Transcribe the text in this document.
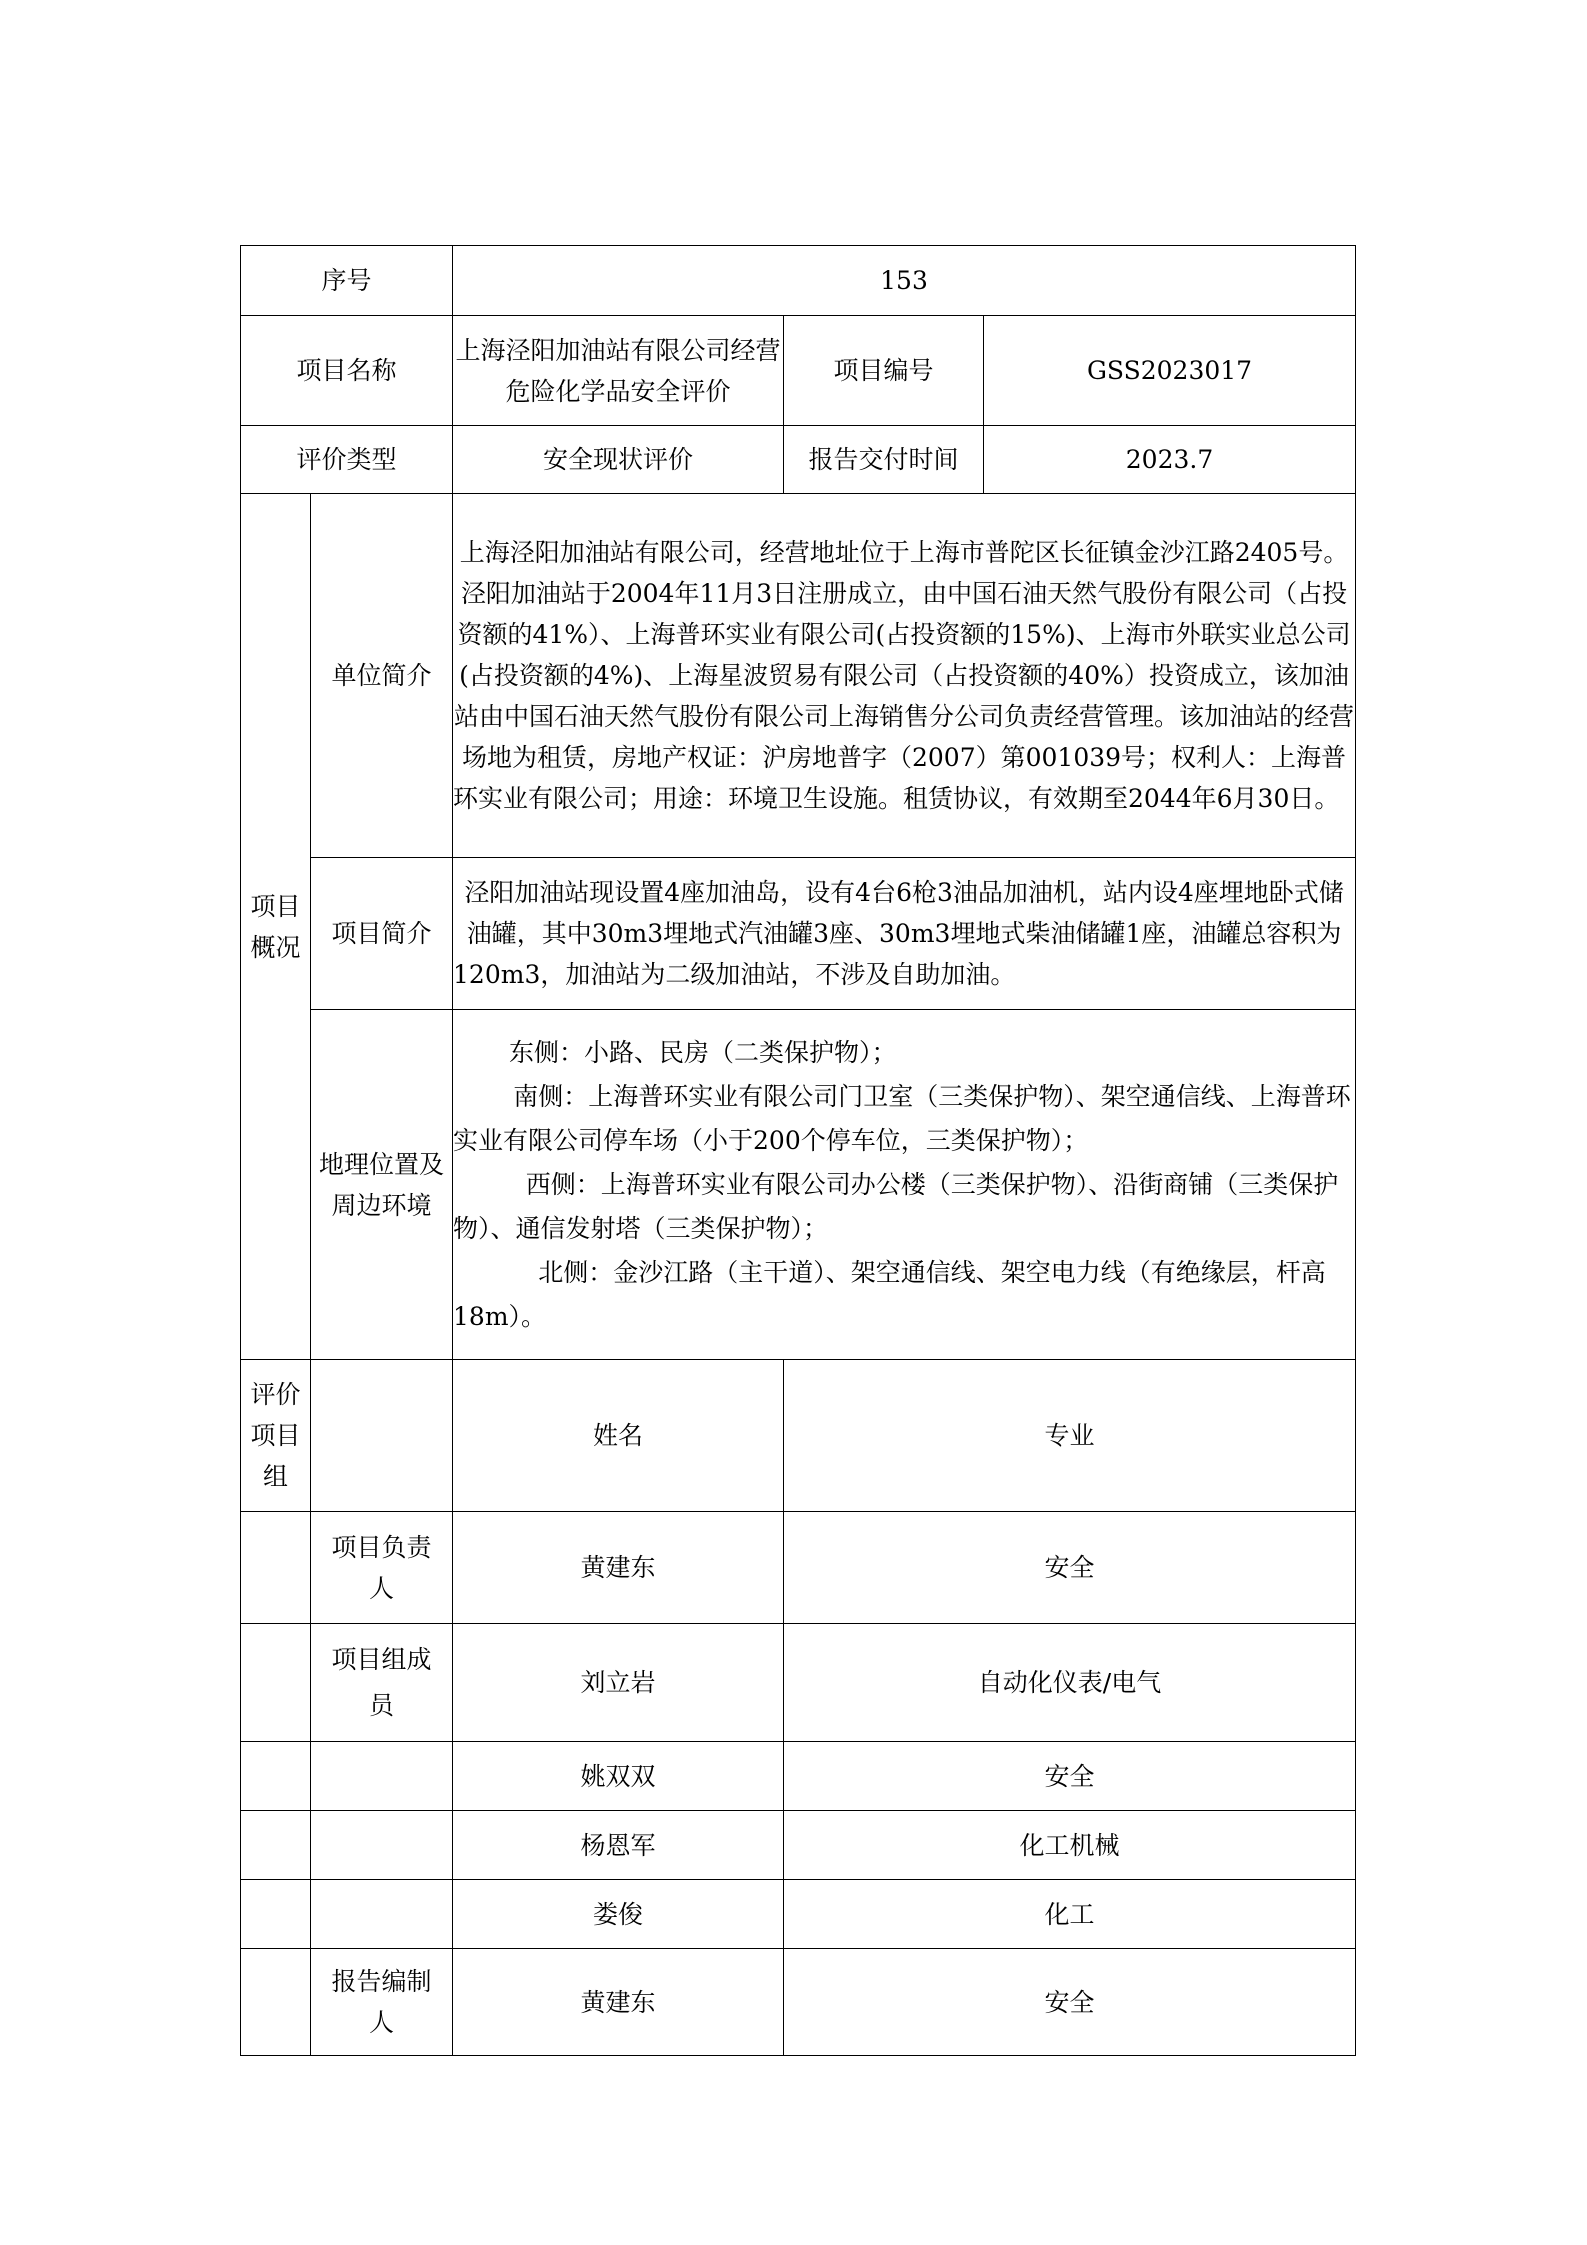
序号		153		
项目名称		上海泾阳加油站有限公司经营危险化学品安全评价	项目编号	GSS2023017
评价类型		安全现状评价	报告交付时间	2023.7
项目概况	单位简介	上海泾阳加油站有限公司，经营地址位于上海市普陀区长征镇金沙江路2405号。泾阳加油站于2004年11月3日注册成立，由中国石油天然气股份有限公司（占投资额的41%）、上海普环实业有限公司(占投资额的15%)、上海市外联实业总公司(占投资额的4%)、上海星波贸易有限公司（占投资额的40%）投资成立，该加油站由中国石油天然气股份有限公司上海销售分公司负责经营管理。该加油站的经营场地为租赁，房地产权证：沪房地普字（2007）第001039号；权利人：上海普环实业有限公司；用途：环境卫生设施。租赁协议，有效期至2044年6月30日。		
	项目简介	泾阳加油站现设置4座加油岛，设有4台6枪3油品加油机，站内设4座埋地卧式储油罐，其中30m3埋地式汽油罐3座、30m3埋地式柴油储罐1座，油罐总容积为120m3，加油站为二级加油站，不涉及自助加油。		
	地理位置及周边环境	东侧：小路、民房（二类保护物）；

南侧：上海普环实业有限公司门卫室（三类保护物）、架空通信线、上海普环实业有限公司停车场（小于200个停车位，三类保护物）；

西侧：上海普环实业有限公司办公楼（三类保护物）、沿街商铺（三类保护物）、通信发射塔（三类保护物）；

北侧：金沙江路（主干道）、架空通信线、架空电力线（有绝缘层，杆高18m）。		

评价项目组		姓名	专业	
	项目负责人	黄建东	安全	
	项目组成员	刘立岩	自动化仪表/电气	
		姚双双	安全	
		杨恩军	化工机械	
		娄俊	化工	
	报告编制人	黄建东	安全	
